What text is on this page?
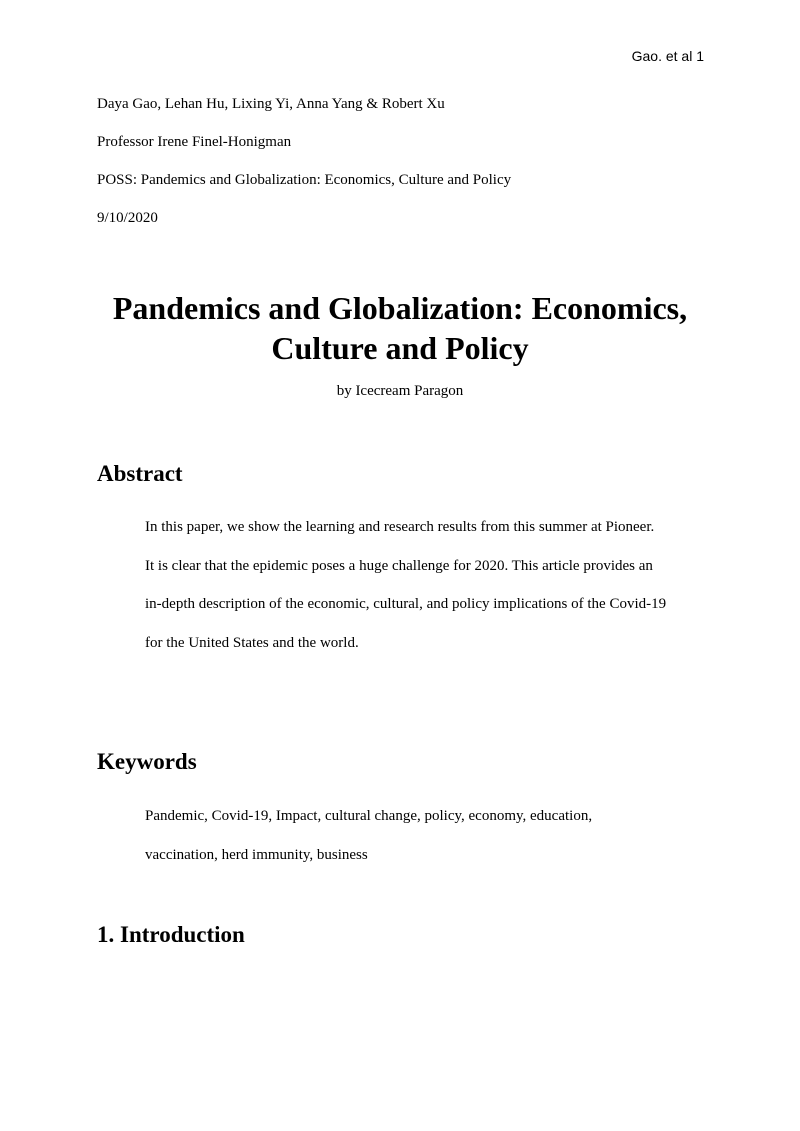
Gao. et al 1

Daya Gao, Lehan Hu, Lixing Yi, Anna Yang & Robert Xu

Professor Irene Finel-Honigman

POSS: Pandemics and Globalization: Economics, Culture and Policy

9/10/2020

Pandemics and Globalization: Economics,
Culture and Policy
by Icecream Paragon
Abstract
In this paper, we show the learning and research results from this summer at Pioneer.
It is clear that the epidemic poses a huge challenge for 2020. This article provides an
in-depth description of the economic, cultural, and policy implications of the Covid-19
for the United States and the world.
Keywords
Pandemic, Covid-19, Impact, cultural change, policy, economy, education,
vaccination, herd immunity, business
1. Introduction
